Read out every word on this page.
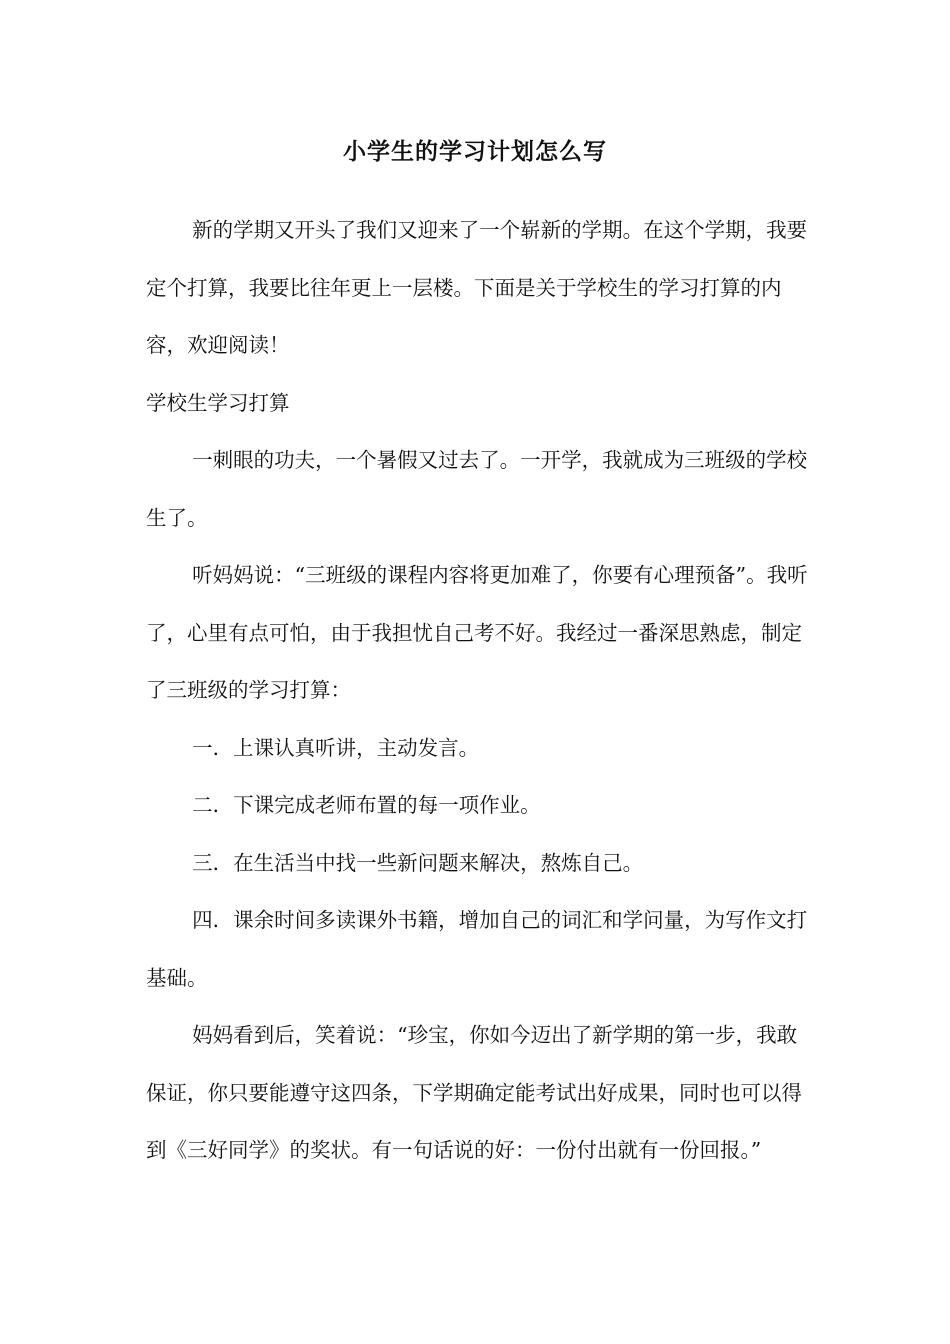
小学生的学习计划怎么写

新的学期又开头了我们又迎来了一个崭新的学期。在这个学期，我要定个打算，我要比往年更上一层楼。下面是关于学校生的学习打算的内容，欢迎阅读！

学校生学习打算

一刺眼的功夫，一个暑假又过去了。一开学，我就成为三班级的学校生了。

听妈妈说：“三班级的课程内容将更加难了，你要有心理预备”。我听了，心里有点可怕，由于我担忧自己考不好。我经过一番深思熟虑，制定了三班级的学习打算：

一．上课认真听讲，主动发言。

二．下课完成老师布置的每一项作业。

三．在生活当中找一些新问题来解决，熬炼自己。

四．课余时间多读课外书籍，增加自己的词汇和学问量，为写作文打基础。

妈妈看到后，笑着说：“珍宝，你如今迈出了新学期的第一步，我敢保证，你只要能遵守这四条，下学期确定能考试出好成果，同时也可以得到《三好同学》的奖状。有一句话说的好：一份付出就有一份回报。”
